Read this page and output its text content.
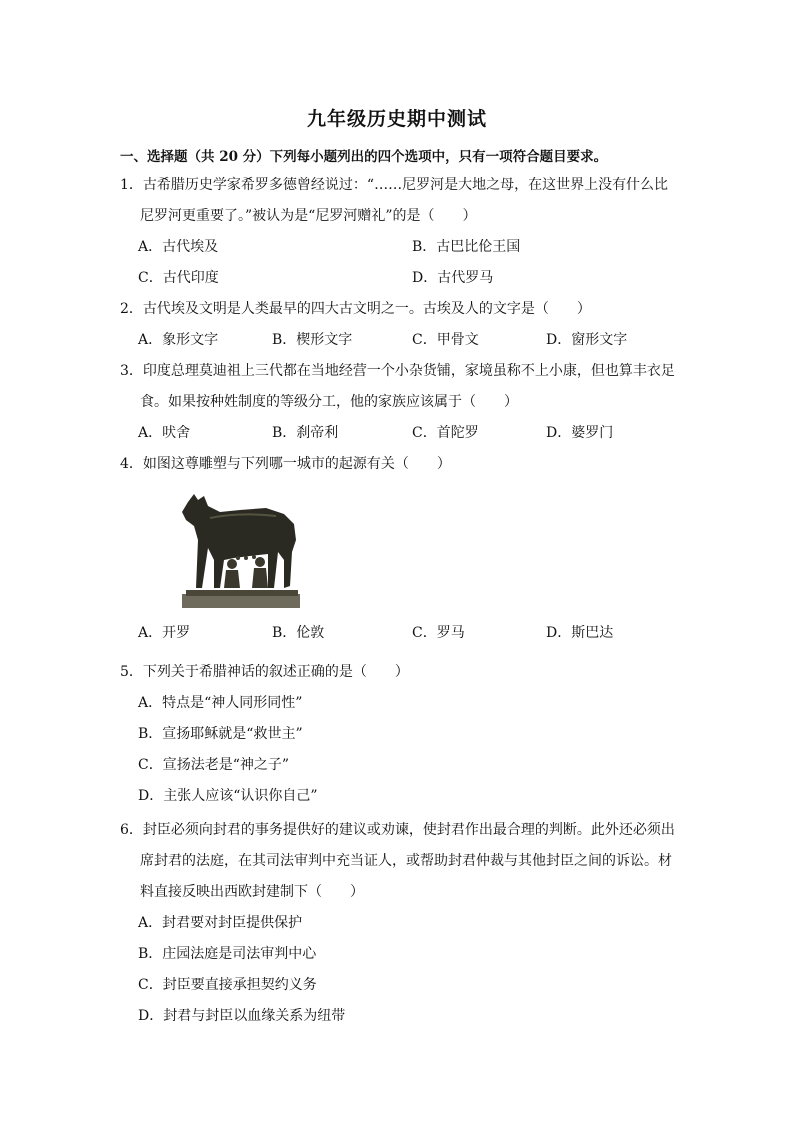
九年级历史期中测试
一、选择题（共 20 分）下列每小题列出的四个选项中，只有一项符合题目要求。
1．古希腊历史学家希罗多德曾经说过：“……尼罗河是大地之母，在这世界上没有什么比尼罗河更重要了。”被认为是“尼罗河赠礼”的是（　　）
A．古代埃及	B．古巴比伦王国
C．古代印度	D．古代罗马
2．古代埃及文明是人类最早的四大古文明之一。古埃及人的文字是（　　）
A．象形文字	B．楔形文字	C．甲骨文	D．窗形文字
3．印度总理莫迪祖上三代都在当地经营一个小杂货铺，家境虽称不上小康，但也算丰衣足食。如果按种姓制度的等级分工，他的家族应该属于（　　）
A．吠舍	B．刹帝利	C．首陀罗	D．婆罗门
4．如图这尊雕塑与下列哪一城市的起源有关（　　）
A．开罗	B．伦敦	C．罗马	D．斯巴达
5．下列关于希腊神话的叙述正确的是（　　）
A．特点是“神人同形同性”
B．宣扬耶稣就是“救世主”
C．宣扬法老是“神之子”
D．主张人应该“认识你自己”
6．封臣必须向封君的事务提供好的建议或劝谏，使封君作出最合理的判断。此外还必须出席封君的法庭，在其司法审判中充当证人，或帮助封君仲裁与其他封臣之间的诉讼。材料直接反映出西欧封建制下（　　）
A．封君要对封臣提供保护
B．庄园法庭是司法审判中心
C．封臣要直接承担契约义务
D．封君与封臣以血缘关系为纽带
